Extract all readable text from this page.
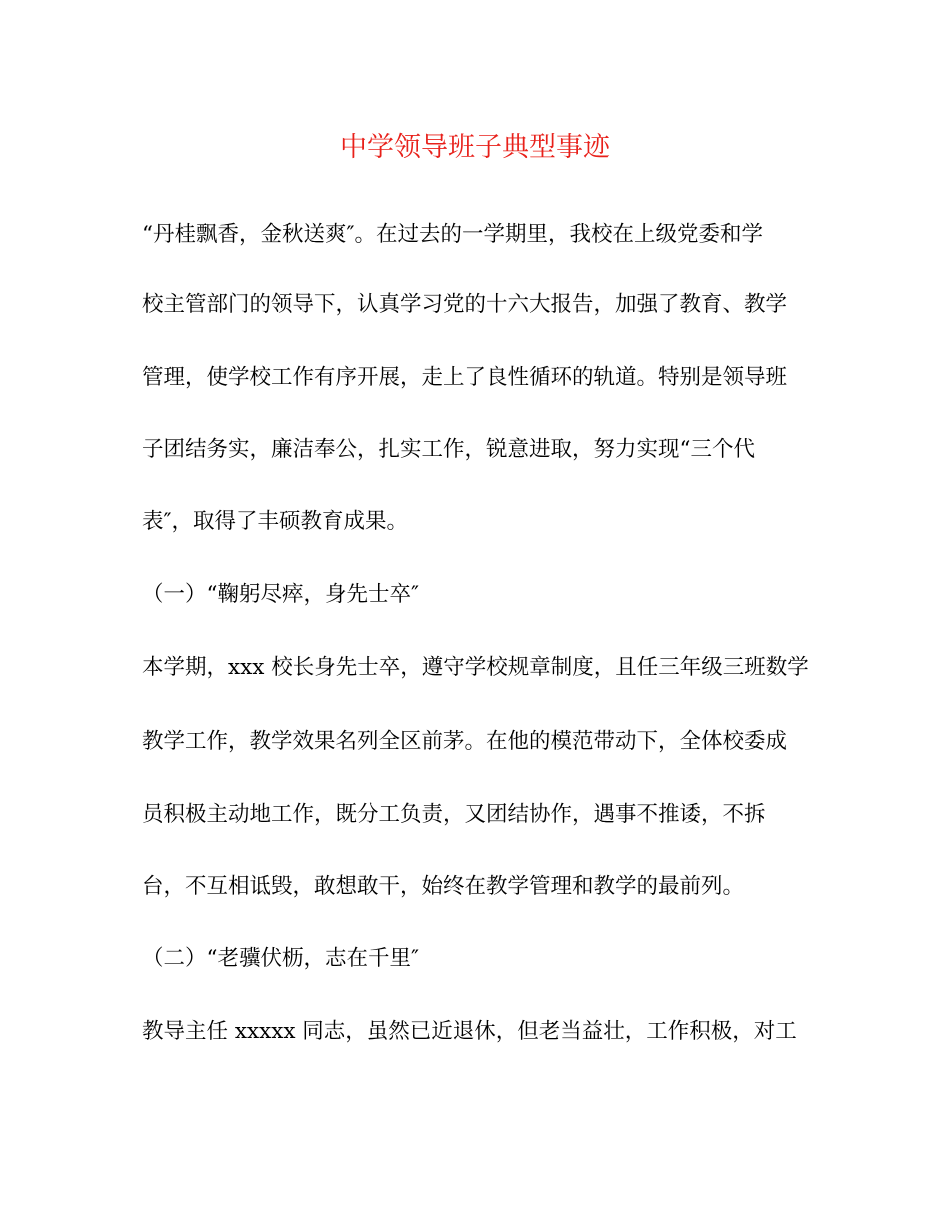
中学领导班子典型事迹
“丹桂飘香，金秋送爽″。在过去的一学期里，我校在上级党委和学
校主管部门的领导下，认真学习党的十六大报告，加强了教育、教学
管理，使学校工作有序开展，走上了良性循环的轨道。特别是领导班
子团结务实，廉洁奉公，扎实工作，锐意进取，努力实现“三个代
表″，取得了丰硕教育成果。
（一）“鞠躬尽瘁，身先士卒″
本学期，xxx 校长身先士卒，遵守学校规章制度，且任三年级三班数学
教学工作，教学效果名列全区前茅。在他的模范带动下，全体校委成
员积极主动地工作，既分工负责，又团结协作，遇事不推诿，不拆
台，不互相诋毁，敢想敢干，始终在教学管理和教学的最前列。
（二）“老骥伏枥，志在千里″
教导主任 xxxxx 同志，虽然已近退休，但老当益壮，工作积极，对工
